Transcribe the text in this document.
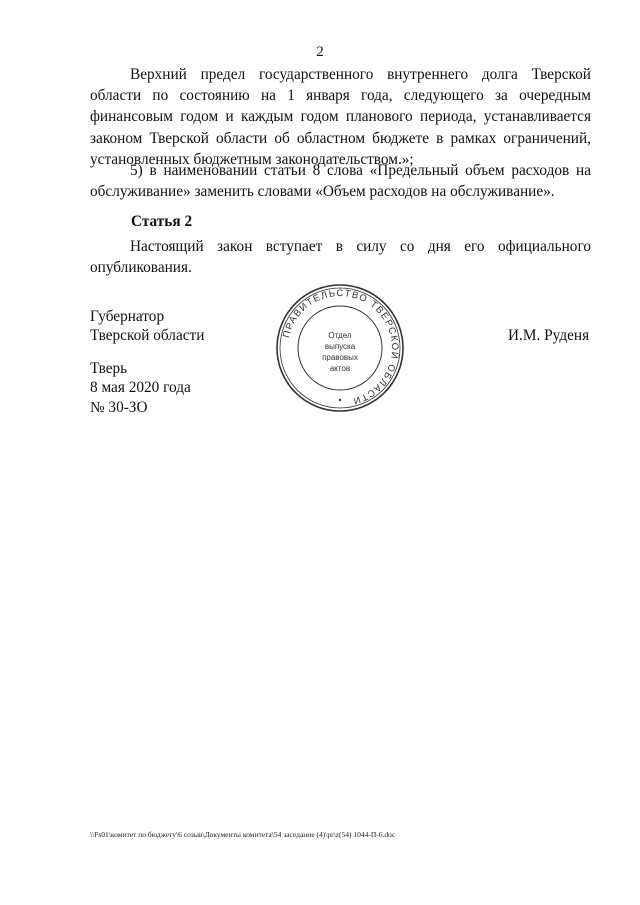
2

Верхний предел государственного внутреннего долга Тверской области по состоянию на 1 января года, следующего за очередным финансовым годом и каждым годом планового периода, устанавливается законом Тверской области об областном бюджете в рамках ограничений, установленных бюджетным законодательством.»;

5) в наименовании статьи 8 слова «Предельный объем расходов на обслуживание» заменить словами «Объем расходов на обслуживание».

Статья 2

Настоящий закон вступает в силу со дня его официального опубликования.

Губернатор
Тверской области	И.М. Руденя
Тверь
8 мая 2020 года
№ 30-ЗО
ПРАВИТЕЛЬСТВО ТВЕРСКОЙ ОБЛАСТИ
Отдел
выпуска
правовых
актов
\\Fs01\комитет по бюджету\6 созыв\Документы комитета\54 заседание (4)\pr\z(54) 1044-П-6.doc
